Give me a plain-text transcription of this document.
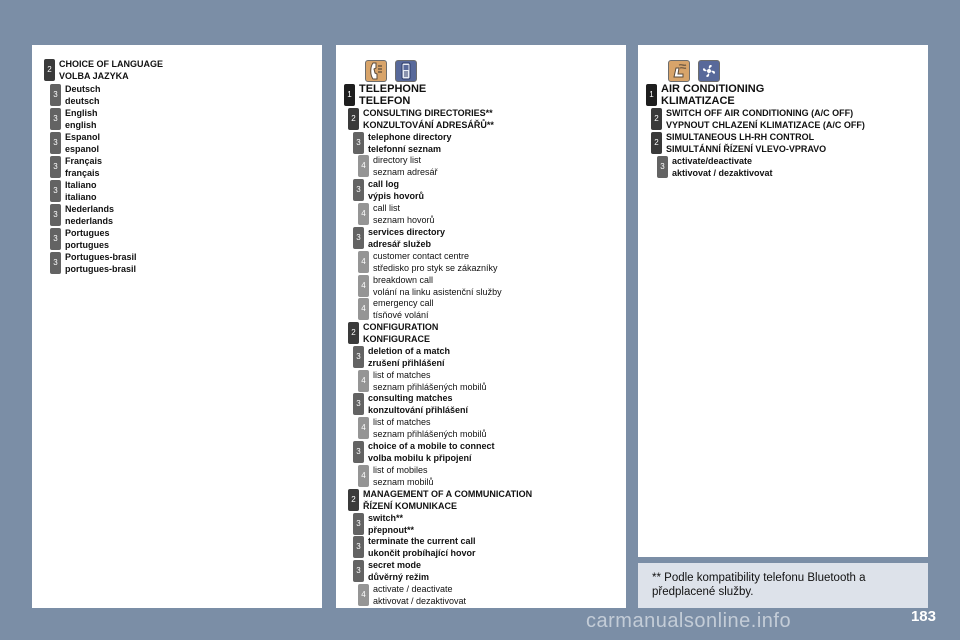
2
CHOICE OF LANGUAGE
VOLBA JAZYKA
3
Deutsch
deutsch
3
English
english
3
Espanol
espanol
3
Français
français
3
Italiano
italiano
3
Nederlands
nederlands
3
Portugues
portugues
3
Portugues-brasil
portugues-brasil
1 TELEPHONE
TELEFON
2
CONSULTING DIRECTORIES**
KONZULTOVÁNÍ ADRESÁŘŮ**
3
telephone directory
telefonní seznam
4
directory list
seznam adresář
3
call log
výpis hovorů
4
call list
seznam hovorů
3
services directory
adresář služeb
4
customer contact centre
středisko pro styk se zákazníky
4
breakdown call
volání na linku asistenční služby
4
emergency call
tísňové volání
2
CONFIGURATION
KONFIGURACE
3
deletion of a match
zrušení přihlášení
4
list of matches
seznam přihlášených mobilů
3
consulting matches
konzultování přihlášení
4
list of matches
seznam přihlášených mobilů
3
choice of a mobile to connect
volba mobilu k připojení
4
list of mobiles
seznam mobilů
2
MANAGEMENT OF A COMMUNICATION
ŘÍZENÍ KOMUNIKACE
3
switch**
přepnout**
3
terminate the current call
ukončit probíhající hovor
3
secret mode
důvěrný režim
4
activate / deactivate
aktivovat / dezaktivovat
1 AIR CONDITIONING
KLIMATIZACE
2
SWITCH OFF AIR CONDITIONING (A/C OFF)
VYPNOUT CHLAZENÍ KLIMATIZACE (A/C OFF)
2
SIMULTANEOUS LH-RH CONTROL
SIMULTÁNNÍ ŘÍZENÍ VLEVO-VPRAVO
3
activate/deactivate
aktivovat / dezaktivovat
** Podle kompatibility telefonu Bluetooth a
předplacené služby.
carmanualsonline.info	183
